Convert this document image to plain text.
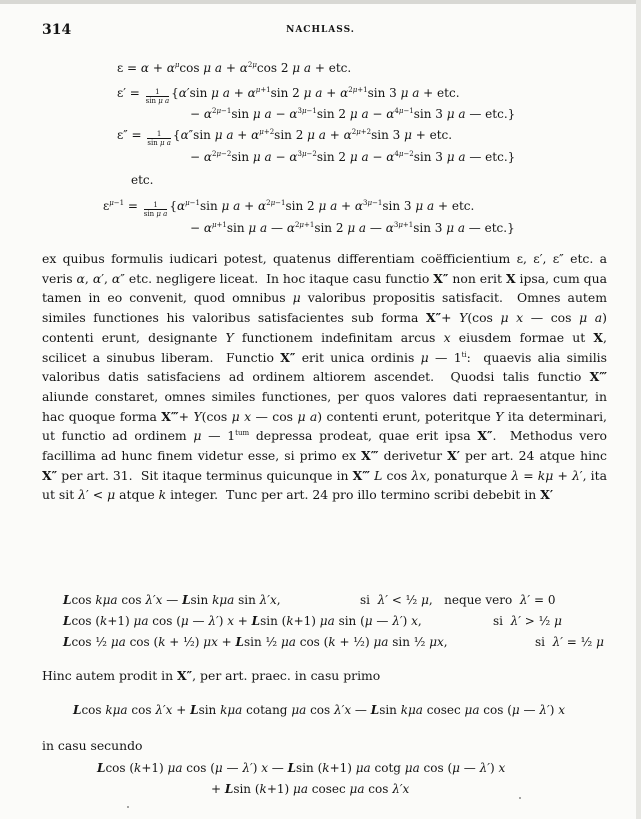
314	NACHLASS.
$\varepsilon = \alpha + \alpha^\mu\cos$ μ $a + \alpha^{2\mu}\cos$ 2 μ a + etc.
$\varepsilon' = \frac{1}{\text{sin μ a}} \{\alpha'\sin$ μ $a + \alpha^{\mu+1}\sin$ 2 μ $a + \alpha^{2\mu+1}\sin$ 3 μ a + etc.
− $\alpha^{2\mu-1}\sin$ μ $a - \alpha^{3\mu-1}\sin$ 2 μ $a - \alpha^{4\mu-1}\sin$ 3 μ a — etc.}
$\varepsilon'' = \frac{1}{\text{sin μ a}} \{\alpha''\sin$ μ $a + \alpha^{\mu+2}\sin$ 2 μ $a + \alpha^{2\mu+2}\sin$ 3 μ + etc.
− $\alpha^{2\mu-2}\sin$ μ $a - \alpha^{3\mu-2}\sin$ 2 μ $a - \alpha^{4\mu-2}\sin$ 3 μ a — etc.}
etc.
$\varepsilon^{\mu-1} = \frac{1}{\text{sin μ a}} \{\alpha^{\mu-1}\sin$ μ $a + \alpha^{2\mu-1}\sin$ 2 μ $a + \alpha^{3\mu-1}\sin$ 3 μ a + etc.
− $\alpha^{\mu+1}\sin$ μ a — $\alpha^{2\mu+1}\sin$ 2 μ a — $\alpha^{3\mu+1}\sin$ 3 μ a — etc.}
ex quibus formulis iudicari potest, quatenus differentiam coëfficientium ε, ε′, ε″ etc. a veris α, α′, α″ etc. negligere liceat.  In hoc itaque casu functio X″ non erit X ipsa, cum qua tamen in eo convenit, quod omnibus μ valoribus propositis satisfacit.  Omnes autem similes functiones his valoribus satisfacientes sub forma X″+ Y(cos μ x — cos μ a) contenti erunt, designante Y functionem indefinitam arcus x eiusdem formae ut X, scilicet a sinubus liberam.  Functio X″ erit unica ordinis μ — $1^{ti}$:  quaevis alia similis valoribus datis satisfaciens ad ordinem altiorem ascendet.  Quodsi talis functio X‴ aliunde constaret, omnes similes functiones, per quos valores dati repraesentantur, in hac quoque forma X‴+ Y(cos μ x — cos μ a) contenti erunt, poteritque Y ita determinari, ut functio ad ordinem μ — $1^{tum}$ depressa prodeat, quae erit ipsa X″.  Methodus vero facillima ad hunc finem videtur esse, si primo ex X‴ derivetur X′ per art. 24 atque hinc X″ per art. 31.  Sit itaque terminus quicunque in X‴ L cos λx, ponaturque λ = kμ + λ′, ita ut sit λ′ < μ atque k integer.  Tunc per art. 24 pro illo termino scribi debebit in X′
Lcos kμa cos λ′x — Lsin kμa sin λ′x,	si  λ′ < ½ μ,   neque vero  λ′ = 0
Lcos (k+1) μa cos (μ — λ′) x + Lsin (k+1) μa sin (μ — λ′) x,	si  λ′ > ½ μ
Lcos ½ μa cos (k + ½) μx + Lsin ½ μa cos (k + ½) μa sin ½ μx,	si  λ′ = ½ μ
Hinc autem prodit in X″, per art. praec. in casu primo
Lcos kμa cos λ′x + Lsin kμa cotang μa cos λ′x — Lsin kμa cosec μa cos (μ — λ′) x
in casu secundo
Lcos (k+1) μa cos (μ — λ′) x — Lsin (k+1) μa cotg μa cos (μ — λ′) x
+ Lsin (k+1) μa cosec μa cos λ′x
